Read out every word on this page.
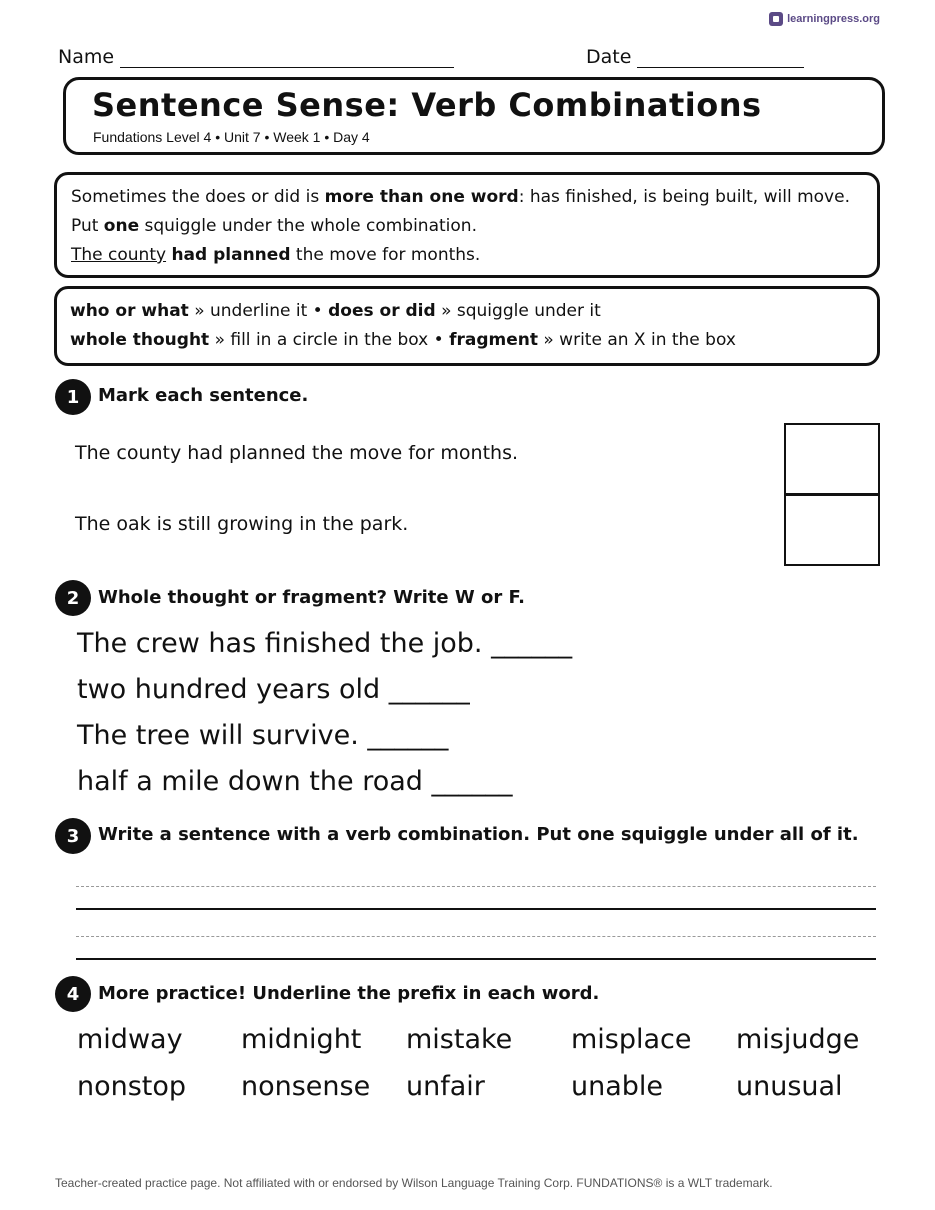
learningpress.org
Name	Date
Sentence Sense: Verb Combinations
Fundations Level 4 • Unit 7 • Week 1 • Day 4
Sometimes the does or did is more than one word: has finished, is being built, will move.
Put one squiggle under the whole combination.
The county had planned the move for months.
who or what » underline it • does or did » squiggle under it
whole thought » fill in a circle in the box • fragment » write an X in the box
1	Mark each sentence.
The county had planned the move for months.
The oak is still growing in the park.
2	Whole thought or fragment? Write W or F.
The crew has finished the job. ______
two hundred years old ______
The tree will survive. ______
half a mile down the road ______
3	Write a sentence with a verb combination. Put one squiggle under all of it.
4	More practice! Underline the prefix in each word.
midway midnight mistake misplace misjudge
nonstop nonsense unfair	unable	unusual
Teacher-created practice page. Not affiliated with or endorsed by Wilson Language Training Corp. FUNDATIONS® is a WLT trademark.
